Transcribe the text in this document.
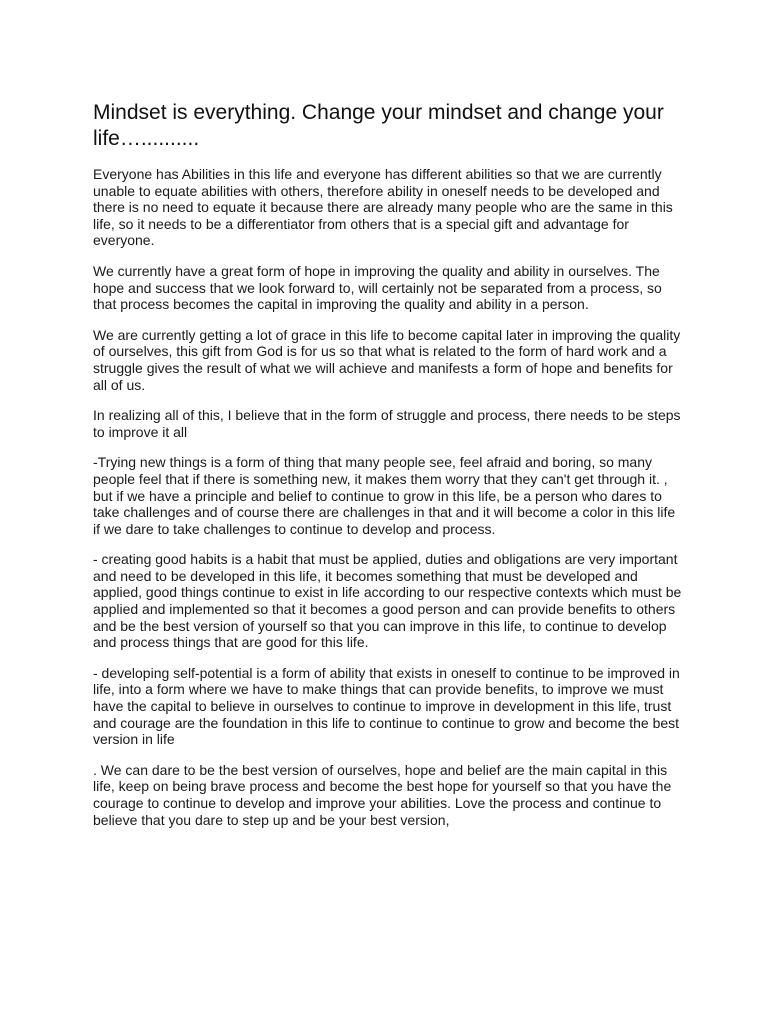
Mindset is everything. Change your mindset and change your life…..........

Everyone has Abilities in this life and everyone has different abilities so that we are currently unable to equate abilities with others, therefore ability in oneself needs to be developed and there is no need to equate it because there are already many people who are the same in this life, so it needs to be a differentiator from others that is a special gift and advantage for everyone.

We currently have a great form of hope in improving the quality and ability in ourselves. The hope and success that we look forward to, will certainly not be separated from a process, so that process becomes the capital in improving the quality and ability in a person.

We are currently getting a lot of grace in this life to become capital later in improving the quality of ourselves, this gift from God is for us so that what is related to the form of hard work and a struggle gives the result of what we will achieve and manifests a form of hope and benefits for all of us.

In realizing all of this, I believe that in the form of struggle and process, there needs to be steps to improve it all

-Trying new things is a form of thing that many people see, feel afraid and boring, so many people feel that if there is something new, it makes them worry that they can't get through it. , but if we have a principle and belief to continue to grow in this life, be a person who dares to take challenges and of course there are challenges in that and it will become a color in this life if we dare to take challenges to continue to develop and process.

- creating good habits is a habit that must be applied, duties and obligations are very important and need to be developed in this life, it becomes something that must be developed and applied, good things continue to exist in life according to our respective contexts which must be applied and implemented so that it becomes a good person and can provide benefits to others and be the best version of yourself so that you can improve in this life, to continue to develop and process things that are good for this life.

- developing self-potential is a form of ability that exists in oneself to continue to be improved in life, into a form where we have to make things that can provide benefits, to improve we must have the capital to believe in ourselves to continue to improve in development in this life, trust and courage are the foundation in this life to continue to continue to grow and become the best version in life

. We can dare to be the best version of ourselves, hope and belief are the main capital in this life, keep on being brave process and become the best hope for yourself so that you have the courage to continue to develop and improve your abilities. Love the process and continue to believe that you dare to step up and be your best version,
